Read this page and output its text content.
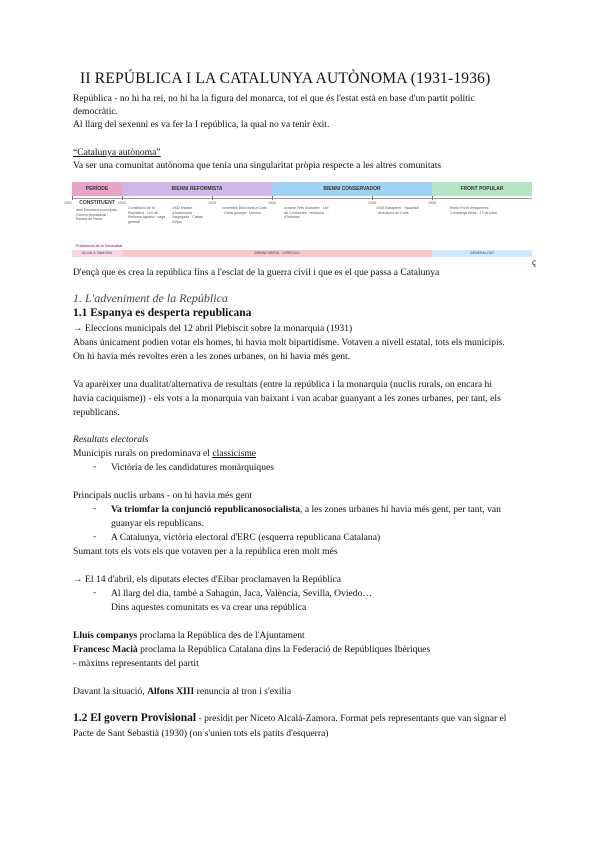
II REPÚBLICA I LA CATALUNYA AUTÒNOMA (1931-1936)
República - no hi ha rei, no hi ha la figura del monarca, tot el que és l'estat està en base d'un partit polític
democràtic.
Al llarg del sexenni es va fer la I república, la qual no va tenir èxit.
“Catalunya autònoma”
Va ser una comunitat autònoma que tenia una singularitat pròpia respecte a les altres comunitats
PERÍODE CONSTITUENT
BIENNI REFORMISTA	BIENNI CONSERVADOR	FRONT POPULAR
1931	1932	1933	1934	1935	1936
abril Eleccions municipals · Govern provisional · Estatut de Núria
Constitució de la República · Llei de Reforma Agrària · vaga general
1932 Estatut d'Autonomia · Sanjurjada · Casas Viejas
novembre Eleccions a Corts · Dreta guanya · Lerroux
octubre Fets d'octubre · Llei de Contractes · revolució d'Astúries
1935 Estraperlo · escàndol · dissolució de Corts
febrer Front d'esquerres · Companys torna · 17 de juliol
Presidència de la Generalitat
ALCALÁ ZAMORA	BIENNI DRETA · LERROUX	GENERALITAT
ç
D'ençà que es crea la república fins a l'esclat de la guerra civil i que es el que passa a Catalunya
1. L'adveniment de la República
1.1 Espanya es desperta republicana
→ Eleccions municipals del 12 abril Plebiscit sobre la monarquia (1931)
Abans únicament podien votar els homes, hi havia molt bipartidisme. Votaven a nivell estatal, tots els municipis.
On hi havia més revoltes eren a les zones urbanes, on hi havia més gent.
Va aparèixer una dualitat/alternativa de resultats (entre la república i la monarquia (nuclis rurals, on encara hi
havia caciquisme)) - els vots a la monarquia van baixant i van acabar guanyant a les zones urbanes, per tant, els
republicans.
Resultats electorals
Municipis rurals on predominava el classicisme
- Victòria de les candidatures monàrquiques
Principals nuclis urbans - on hi havia més gent
- Va triomfar la conjunció republicanosocialista, a les zones urbanes hi havia més gent, per tant, van
guanyar els republicans.
- A Catalunya, victòria electoral d'ERC (esquerra republicana Catalana)
Sumant tots els vots els que votaven per a la república eren molt més
→ El 14 d'abril, els diputats electes d'Eibar proclamaven la República
- Al llarg del dia, també a Sahagún, Jaca, València, Sevilla, Oviedo…
Dins aquestes comunitats es va crear una república
Lluís companys proclama la República des de l'Ajuntament
Francesc Macià proclama la República Catalana dins la Federació de Repúbliques Ibèriques
- màxims representants del partit
Davant la situació, Alfons XIII renuncia al tron i s'exilia
1.2 El govern Provisional - presidit per Niceto Alcalá-Zamora. Format pels representants que van signar el
Pacte de Sant Sebastià (1930) (on s'unien tots els patits d'esquerra)
